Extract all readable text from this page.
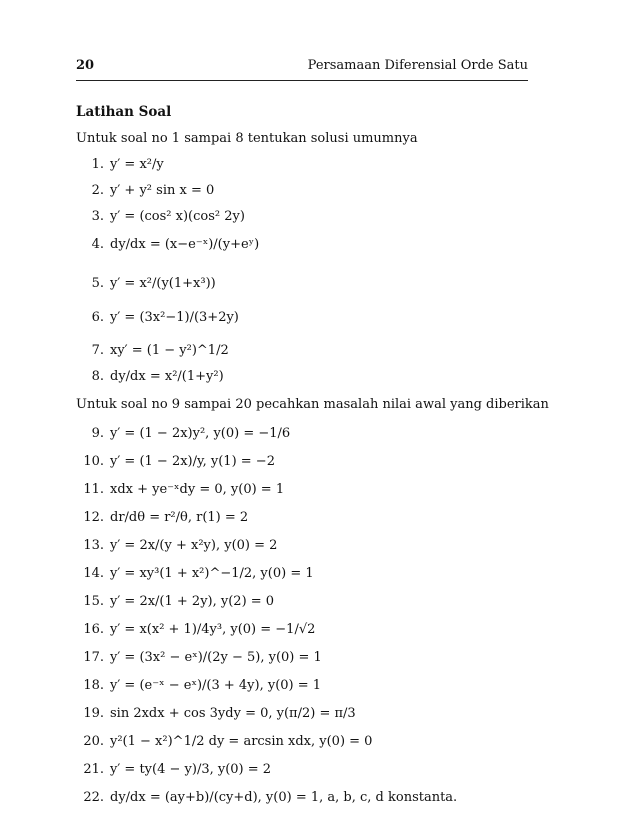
20	Persamaan Diferensial Orde Satu
Latihan Soal
Untuk soal no 1 sampai 8 tentukan solusi umumnya
Untuk soal no 9 sampai 20 pecahkan masalah nilai awal yang diberikan
1. y′ = x²/y
2. y′ + y² sin x = 0
3. y′ = (cos² x)(cos² 2y)
4. dy/dx = (x−e⁻ˣ)/(y+eʸ)
5. y′ = x²/(y(1+x³))
6. y′ = (3x²−1)/(3+2y)
7. xy′ = (1 − y²)^1/2
8. dy/dx = x²/(1+y²)
9. y′ = (1 − 2x)y², y(0) = −1/6
10. y′ = (1 − 2x)/y, y(1) = −2
11. xdx + ye⁻ˣdy = 0, y(0) = 1
12. dr/dθ = r²/θ, r(1) = 2
13. y′ = 2x/(y + x²y), y(0) = 2
14. y′ = xy³(1 + x²)^−1/2, y(0) = 1
15. y′ = 2x/(1 + 2y), y(2) = 0
16. y′ = x(x² + 1)/4y³, y(0) = −1/√2
17. y′ = (3x² − eˣ)/(2y − 5), y(0) = 1
18. y′ = (e⁻ˣ − eˣ)/(3 + 4y), y(0) = 1
19. sin 2xdx + cos 3ydy = 0, y(π/2) = π/3
20. y²(1 − x²)^1/2 dy = arcsin xdx, y(0) = 0
21. y′ = ty(4 − y)/3, y(0) = 2
22. dy/dx = (ay+b)/(cy+d), y(0) = 1, a, b, c, d konstanta.
